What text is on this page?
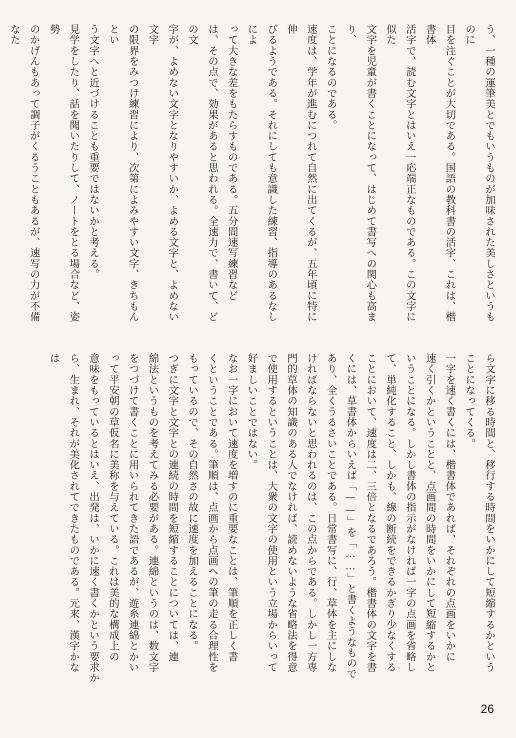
う、一種の運筆美とでもいうものが加味された美しさというものに
目を注ぐことが大切である。国語の教科書の活字、これは、楷書体
活字で、読む文字とはいえ一応端正なものである。この文字に似た
文字を児童が書くことになって、はじめて書写への関心も高まり、
ことになるのである。
速度は、学年が進むにつれて自然に出てくるが、五年頃に特に伸
びるようである。それにしても意識した練習、指導のあるなしによ
って大きな差をもたらすものである。五分間速写練習など
は、その点で、効果があると思われる。全速力で、書いて、どの文
字が、よめない文字となりやすいか、よめる文字と、よめない文字
の限界をみつけ練習により、次第によみやすい文字、きちもんとい
う文字へと近づけることも重要ではないかと考える。
見学をしたり、話を聞いたりして、ノートをとる場合など、姿勢
のかげんもあって調子がくるうこともあるが、速写の力が不備なた

ら文字に移る時間と、移行する時間をいかにして短縮するかという
ことになってくる。
一字を速く書くには、楷書体であれば、それぞれの点画をいかに
速く引くかということと、点画間の時間をいかにして短縮するかと
いうことになる。しかし書体の指示がなければ一字の点画を省略し
て、単純化すること、しかも、線の断続をできるかぎり少なくする
ことにおいて、速度は二、三倍となるであろう。楷書体の文字を書
くには、草書体からいえば「——」を「……」と書くようなもので
あり、全くうるさいことである。日常書写に、行、草体を主にしな
ければならないと思われるのは、この点からである。しかし一方専
門的草体の知識のある人でなければ、読めないような省略法を得意
で使用するということは、大衆の文字の使用という立場からいって
好ましいことではない。
なお一字において速度を増すのに重要なことは、筆順を正しく書
くということである。筆順は、点画から点画への筆の走る合理性を
もっているので、その自然さの故に速度を加えることになる。
つぎに文字と文字との連続の時間を短縮することについては、連
綿法というものを考えてみる必要がある。連綿というのは、数文字
をつづけて書くことに用いられてきた語であるが、遊糸連綿とかい
って平安朝の草仮名に美称を与えている。これは美的な構成上の
意味をもっているとはいえ、出発は、いかに速く書くかという要求か
ら、生まれ、それが美化されてできたものである。元来、漢字かな
は
26
